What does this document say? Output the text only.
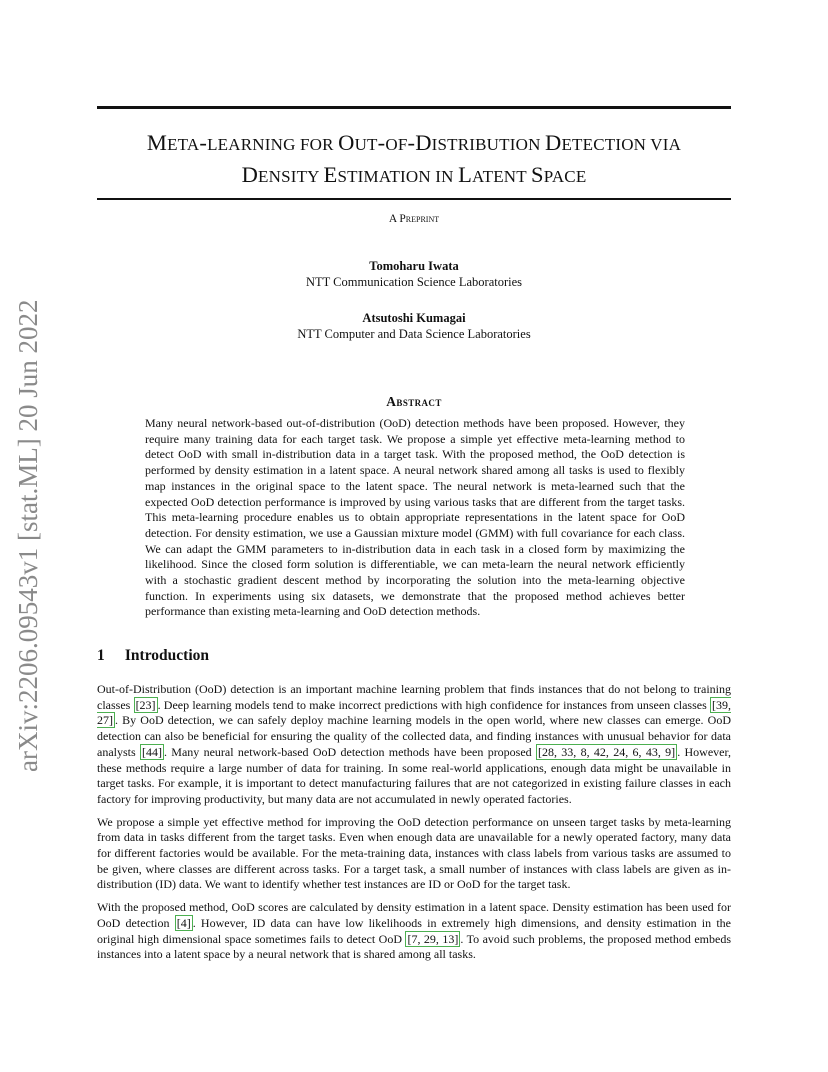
arXiv:2206.09543v1 [stat.ML] 20 Jun 2022
META-LEARNING FOR OUT-OF-DISTRIBUTION DETECTION VIA
DENSITY ESTIMATION IN LATENT SPACE
A Preprint
Tomoharu Iwata
NTT Communication Science Laboratories
Atsutoshi Kumagai
NTT Computer and Data Science Laboratories
Abstract

Many neural network-based out-of-distribution (OoD) detection methods have been proposed. However, they require many training data for each target task. We propose a simple yet effective meta-learning method to detect OoD with small in-distribution data in a target task. With the proposed method, the OoD detection is performed by density estimation in a latent space. A neural network shared among all tasks is used to flexibly map instances in the original space to the latent space. The neural network is meta-learned such that the expected OoD detection performance is improved by using various tasks that are different from the target tasks. This meta-learning procedure enables us to obtain appropriate representations in the latent space for OoD detection. For density estimation, we use a Gaussian mixture model (GMM) with full covariance for each class. We can adapt the GMM parameters to in-distribution data in each task in a closed form by maximizing the likelihood. Since the closed form solution is differentiable, we can meta-learn the neural network efficiently with a stochastic gradient descent method by incorporating the solution into the meta-learning objective function. In experiments using six datasets, we demonstrate that the proposed method achieves better performance than existing meta-learning and OoD detection methods.

1 Introduction

Out-of-Distribution (OoD) detection is an important machine learning problem that finds instances that do not belong to training classes [23] . Deep learning models tend to make incorrect predictions with high confidence for instances from unseen classes [39, 27] . By OoD detection, we can safely deploy machine learning models in the open world, where new classes can emerge. OoD detection can also be beneficial for ensuring the quality of the collected data, and finding instances with unusual behavior for data analysts [44] . Many neural network-based OoD detection methods have been proposed [28, 33, 8, 42, 24, 6, 43, 9] . However, these methods require a large number of data for training. In some real-world applications, enough data might be unavailable in target tasks. For example, it is important to detect manufacturing failures that are not categorized in existing failure classes in each factory for improving productivity, but many data are not accumulated in newly operated factories.

We propose a simple yet effective method for improving the OoD detection performance on unseen target tasks by meta-learning from data in tasks different from the target tasks. Even when enough data are unavailable for a newly operated factory, many data for different factories would be available. For the meta-training data, instances with class labels from various tasks are assumed to be given, where classes are different across tasks. For a target task, a small number of instances with class labels are given as in-distribution (ID) data. We want to identify whether test instances are ID or OoD for the target task.

With the proposed method, OoD scores are calculated by density estimation in a latent space. Density estimation has been used for OoD detection [4] . However, ID data can have low likelihoods in extremely high dimensions, and density estimation in the original high dimensional space sometimes fails to detect OoD [7, 29, 13] . To avoid such problems, the proposed method embeds instances into a latent space by a neural network that is shared among all tasks.
